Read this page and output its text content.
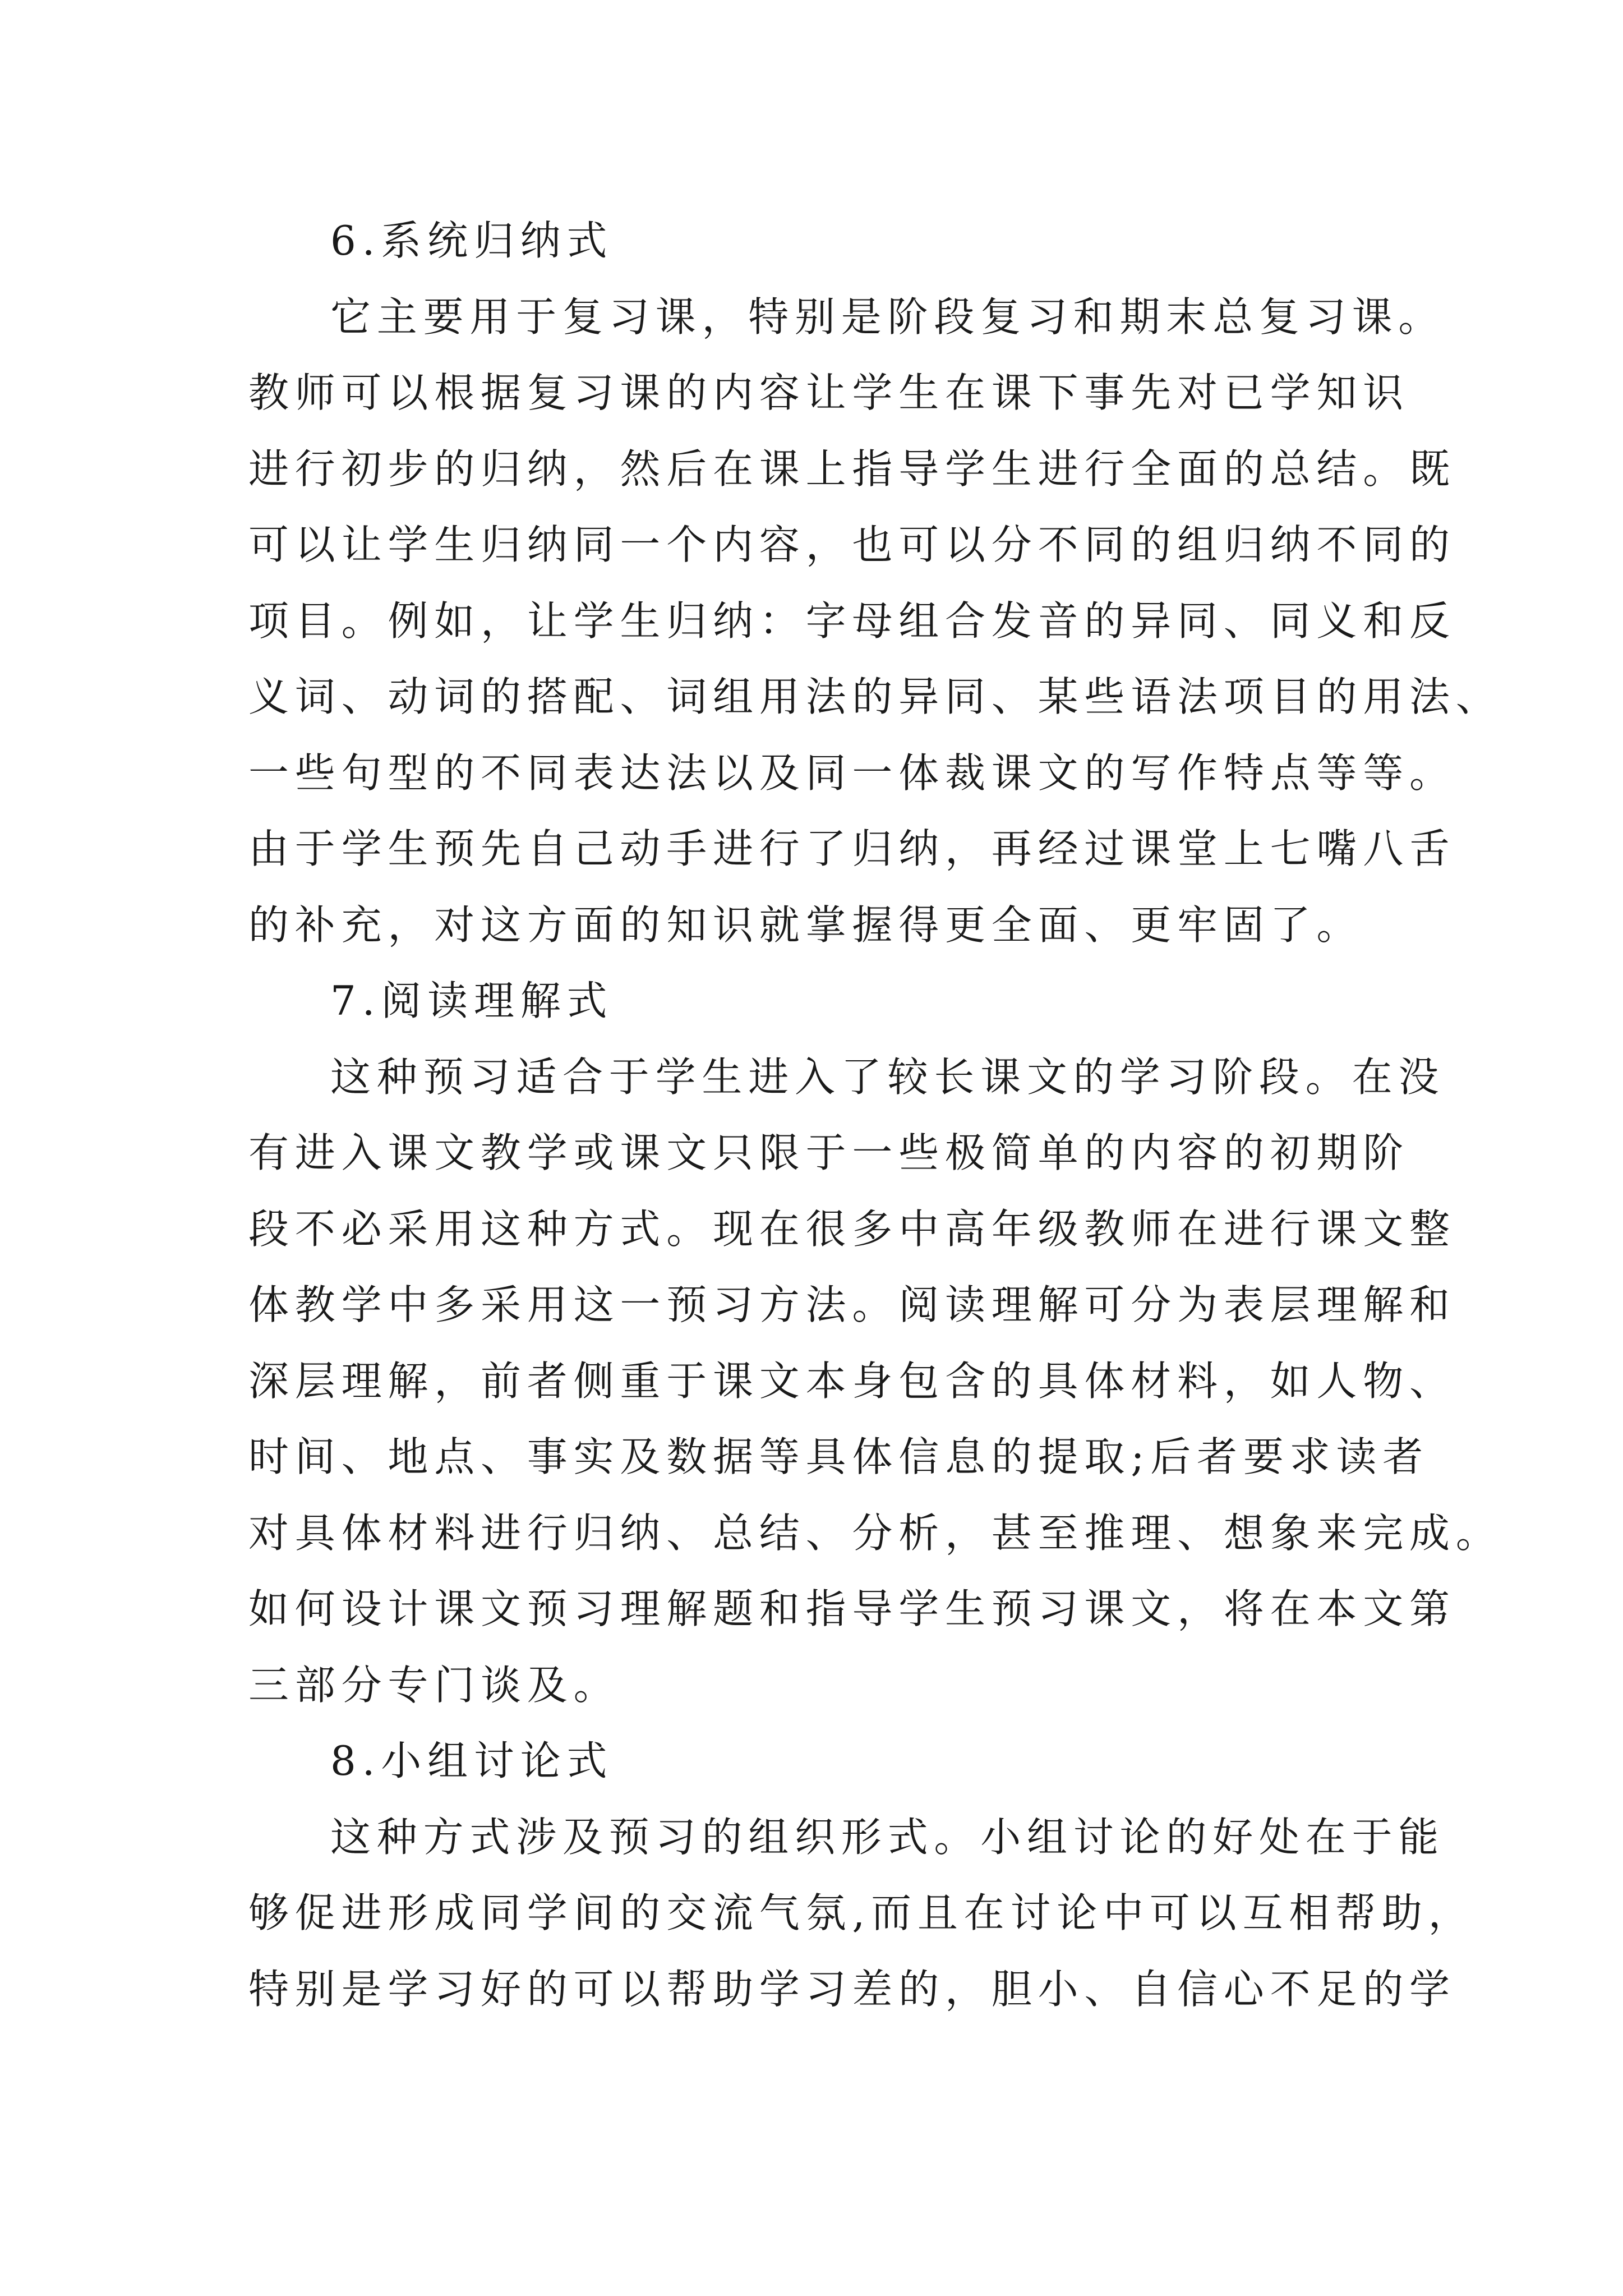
6.系统归纳式
它主要用于复习课，特别是阶段复习和期末总复习课。
教师可以根据复习课的内容让学生在课下事先对已学知识
进行初步的归纳，然后在课上指导学生进行全面的总结。既
可以让学生归纳同一个内容，也可以分不同的组归纳不同的
项目。例如，让学生归纳：字母组合发音的异同、同义和反
义词、动词的搭配、词组用法的异同、某些语法项目的用法、
一些句型的不同表达法以及同一体裁课文的写作特点等等。
由于学生预先自己动手进行了归纳，再经过课堂上七嘴八舌
的补充，对这方面的知识就掌握得更全面、更牢固了。
7.阅读理解式
这种预习适合于学生进入了较长课文的学习阶段。在没
有进入课文教学或课文只限于一些极简单的内容的初期阶
段不必采用这种方式。现在很多中高年级教师在进行课文整
体教学中多采用这一预习方法。阅读理解可分为表层理解和
深层理解，前者侧重于课文本身包含的具体材料，如人物、
时间、地点、事实及数据等具体信息的提取;后者要求读者
对具体材料进行归纳、总结、分析，甚至推理、想象来完成。
如何设计课文预习理解题和指导学生预习课文，将在本文第
三部分专门谈及。
8.小组讨论式
这种方式涉及预习的组织形式。小组讨论的好处在于能
够促进形成同学间的交流气氛,而且在讨论中可以互相帮助，
特别是学习好的可以帮助学习差的，胆小、自信心不足的学
